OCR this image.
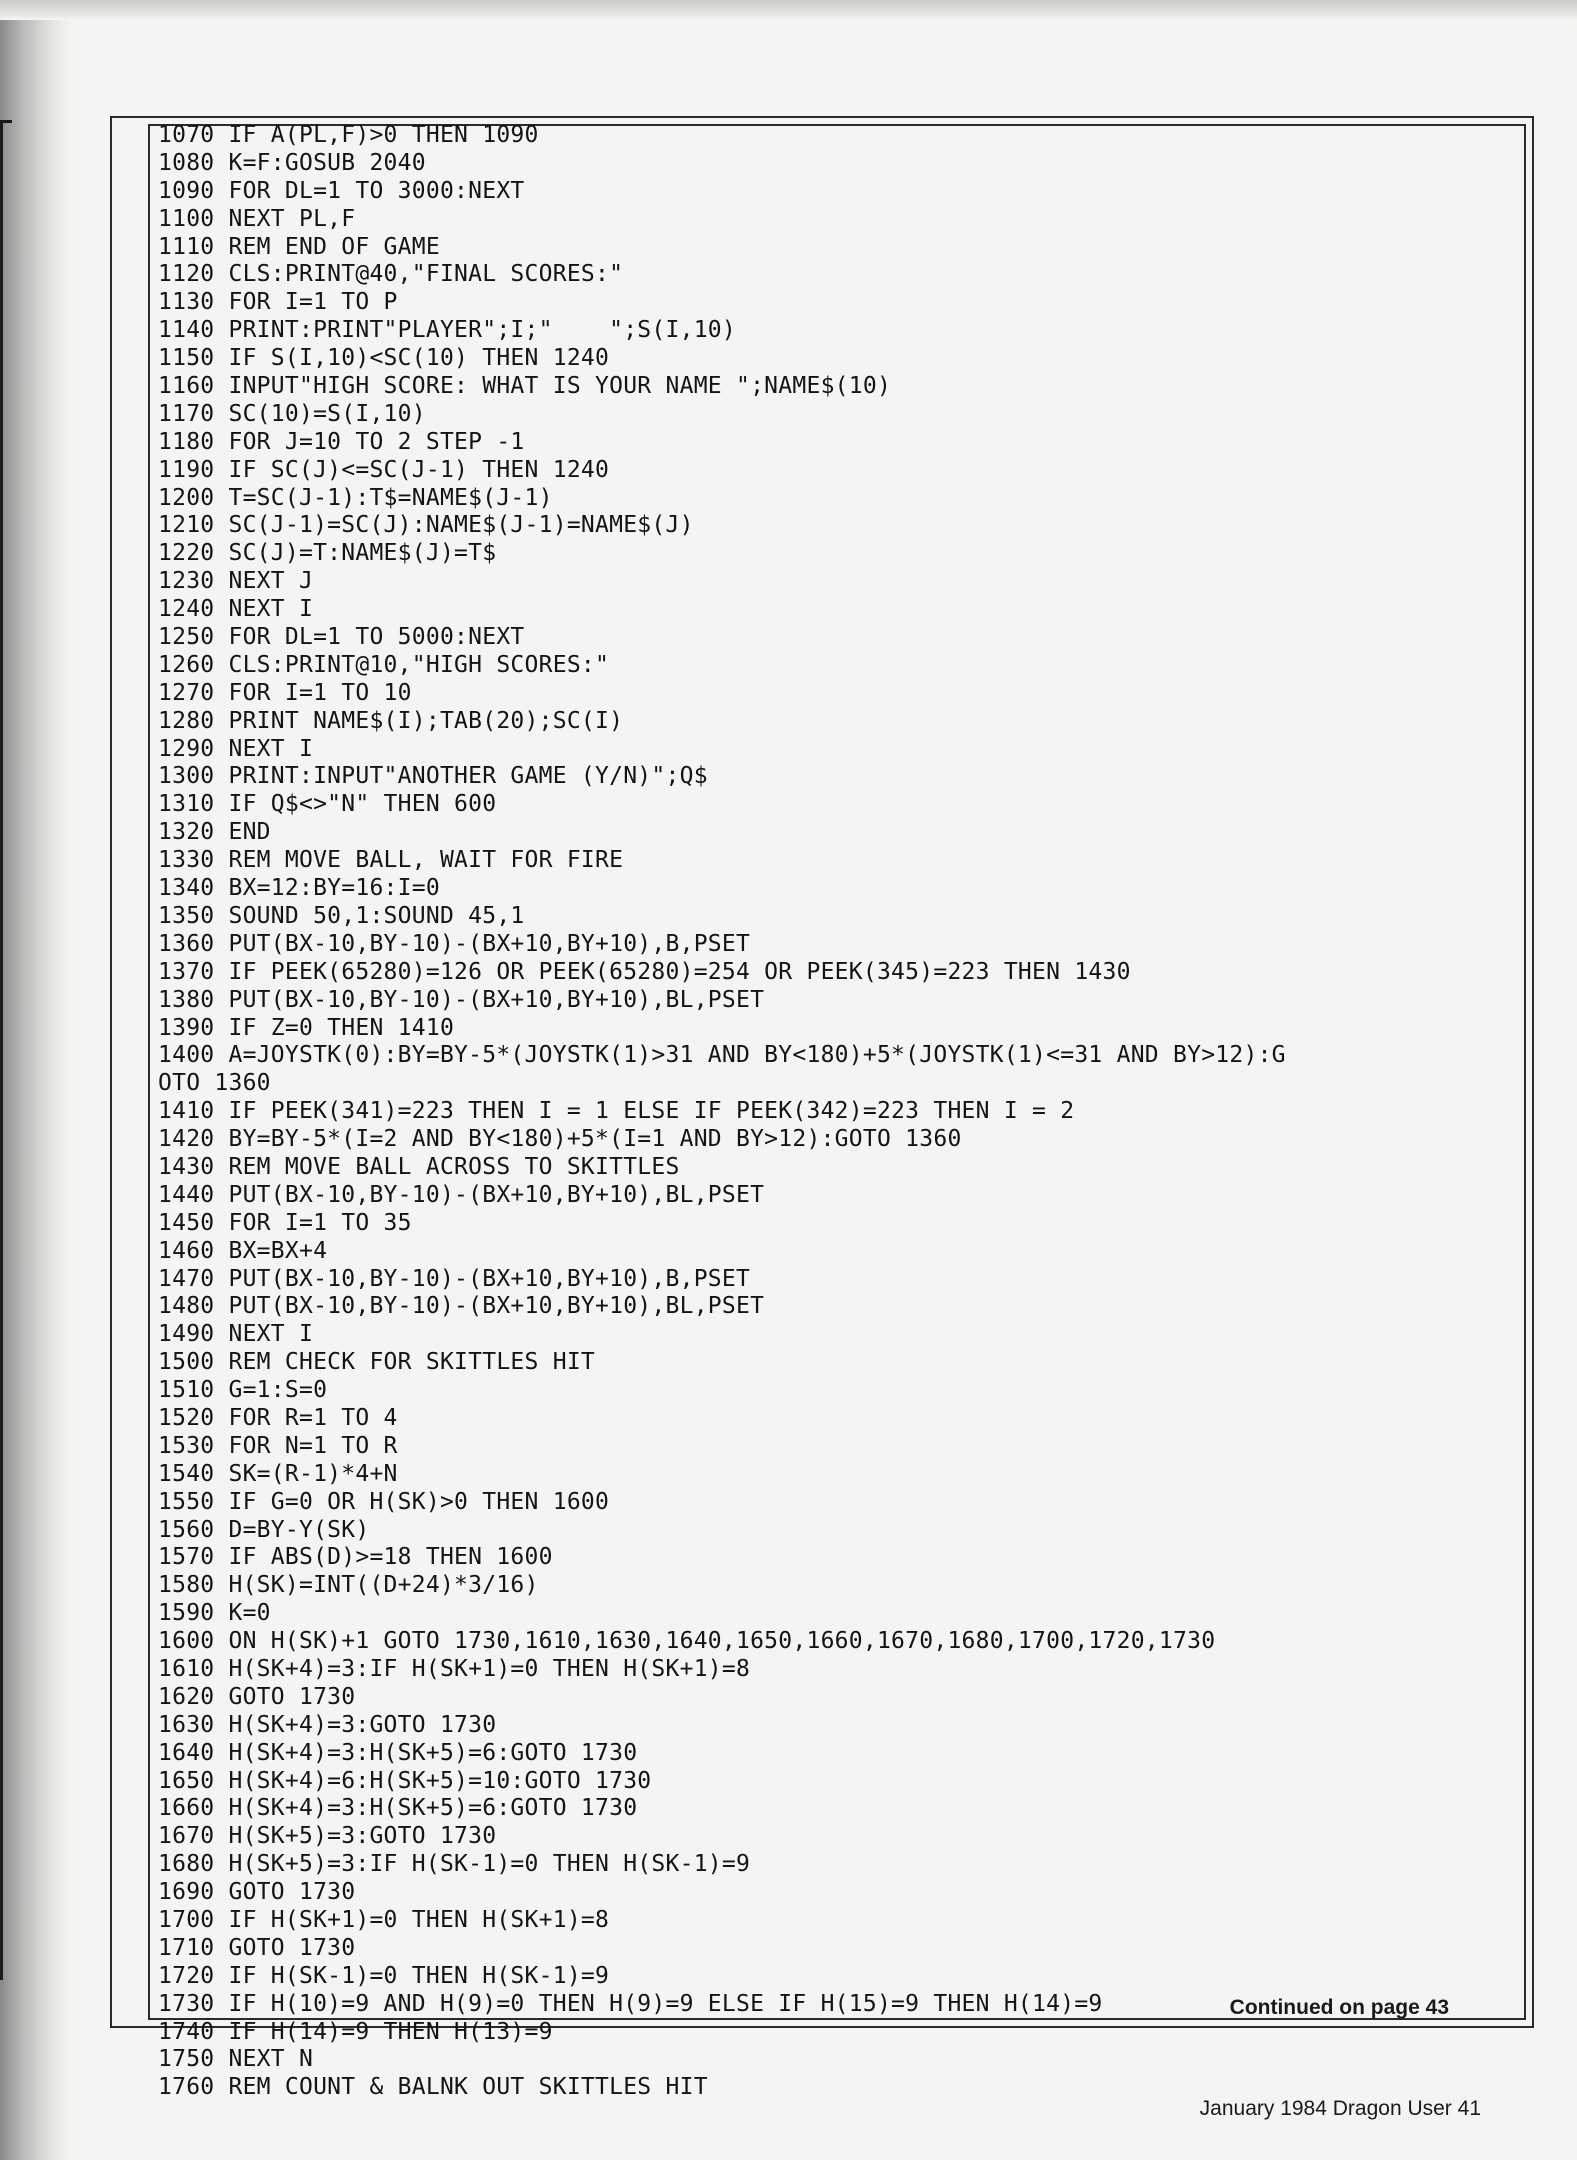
1070 IF A(PL,F)>0 THEN 1090
1080 K=F:GOSUB 2040
1090 FOR DL=1 TO 3000:NEXT
1100 NEXT PL,F
1110 REM END OF GAME
1120 CLS:PRINT@40,"FINAL SCORES:"
1130 FOR I=1 TO P
1140 PRINT:PRINT"PLAYER";I;"    ";S(I,10)
1150 IF S(I,10)<SC(10) THEN 1240
1160 INPUT"HIGH SCORE: WHAT IS YOUR NAME ";NAME$(10)
1170 SC(10)=S(I,10)
1180 FOR J=10 TO 2 STEP -1
1190 IF SC(J)<=SC(J-1) THEN 1240
1200 T=SC(J-1):T$=NAME$(J-1)
1210 SC(J-1)=SC(J):NAME$(J-1)=NAME$(J)
1220 SC(J)=T:NAME$(J)=T$
1230 NEXT J
1240 NEXT I
1250 FOR DL=1 TO 5000:NEXT
1260 CLS:PRINT@10,"HIGH SCORES:"
1270 FOR I=1 TO 10
1280 PRINT NAME$(I);TAB(20);SC(I)
1290 NEXT I
1300 PRINT:INPUT"ANOTHER GAME (Y/N)";Q$
1310 IF Q$<>"N" THEN 600
1320 END
1330 REM MOVE BALL, WAIT FOR FIRE
1340 BX=12:BY=16:I=0
1350 SOUND 50,1:SOUND 45,1
1360 PUT(BX-10,BY-10)-(BX+10,BY+10),B,PSET
1370 IF PEEK(65280)=126 OR PEEK(65280)=254 OR PEEK(345)=223 THEN 1430
1380 PUT(BX-10,BY-10)-(BX+10,BY+10),BL,PSET
1390 IF Z=0 THEN 1410
1400 A=JOYSTK(0):BY=BY-5*(JOYSTK(1)>31 AND BY<180)+5*(JOYSTK(1)<=31 AND BY>12):G
OTO 1360
1410 IF PEEK(341)=223 THEN I = 1 ELSE IF PEEK(342)=223 THEN I = 2
1420 BY=BY-5*(I=2 AND BY<180)+5*(I=1 AND BY>12):GOTO 1360
1430 REM MOVE BALL ACROSS TO SKITTLES
1440 PUT(BX-10,BY-10)-(BX+10,BY+10),BL,PSET
1450 FOR I=1 TO 35
1460 BX=BX+4
1470 PUT(BX-10,BY-10)-(BX+10,BY+10),B,PSET
1480 PUT(BX-10,BY-10)-(BX+10,BY+10),BL,PSET
1490 NEXT I
1500 REM CHECK FOR SKITTLES HIT
1510 G=1:S=0
1520 FOR R=1 TO 4
1530 FOR N=1 TO R
1540 SK=(R-1)*4+N
1550 IF G=0 OR H(SK)>0 THEN 1600
1560 D=BY-Y(SK)
1570 IF ABS(D)>=18 THEN 1600
1580 H(SK)=INT((D+24)*3/16)
1590 K=0
1600 ON H(SK)+1 GOTO 1730,1610,1630,1640,1650,1660,1670,1680,1700,1720,1730
1610 H(SK+4)=3:IF H(SK+1)=0 THEN H(SK+1)=8
1620 GOTO 1730
1630 H(SK+4)=3:GOTO 1730
1640 H(SK+4)=3:H(SK+5)=6:GOTO 1730
1650 H(SK+4)=6:H(SK+5)=10:GOTO 1730
1660 H(SK+4)=3:H(SK+5)=6:GOTO 1730
1670 H(SK+5)=3:GOTO 1730
1680 H(SK+5)=3:IF H(SK-1)=0 THEN H(SK-1)=9
1690 GOTO 1730
1700 IF H(SK+1)=0 THEN H(SK+1)=8
1710 GOTO 1730
1720 IF H(SK-1)=0 THEN H(SK-1)=9
1730 IF H(10)=9 AND H(9)=0 THEN H(9)=9 ELSE IF H(15)=9 THEN H(14)=9
1740 IF H(14)=9 THEN H(13)=9
1750 NEXT N
1760 REM COUNT & BALNK OUT SKITTLES HIT
Continued on page 43
January 1984 Dragon User 41
